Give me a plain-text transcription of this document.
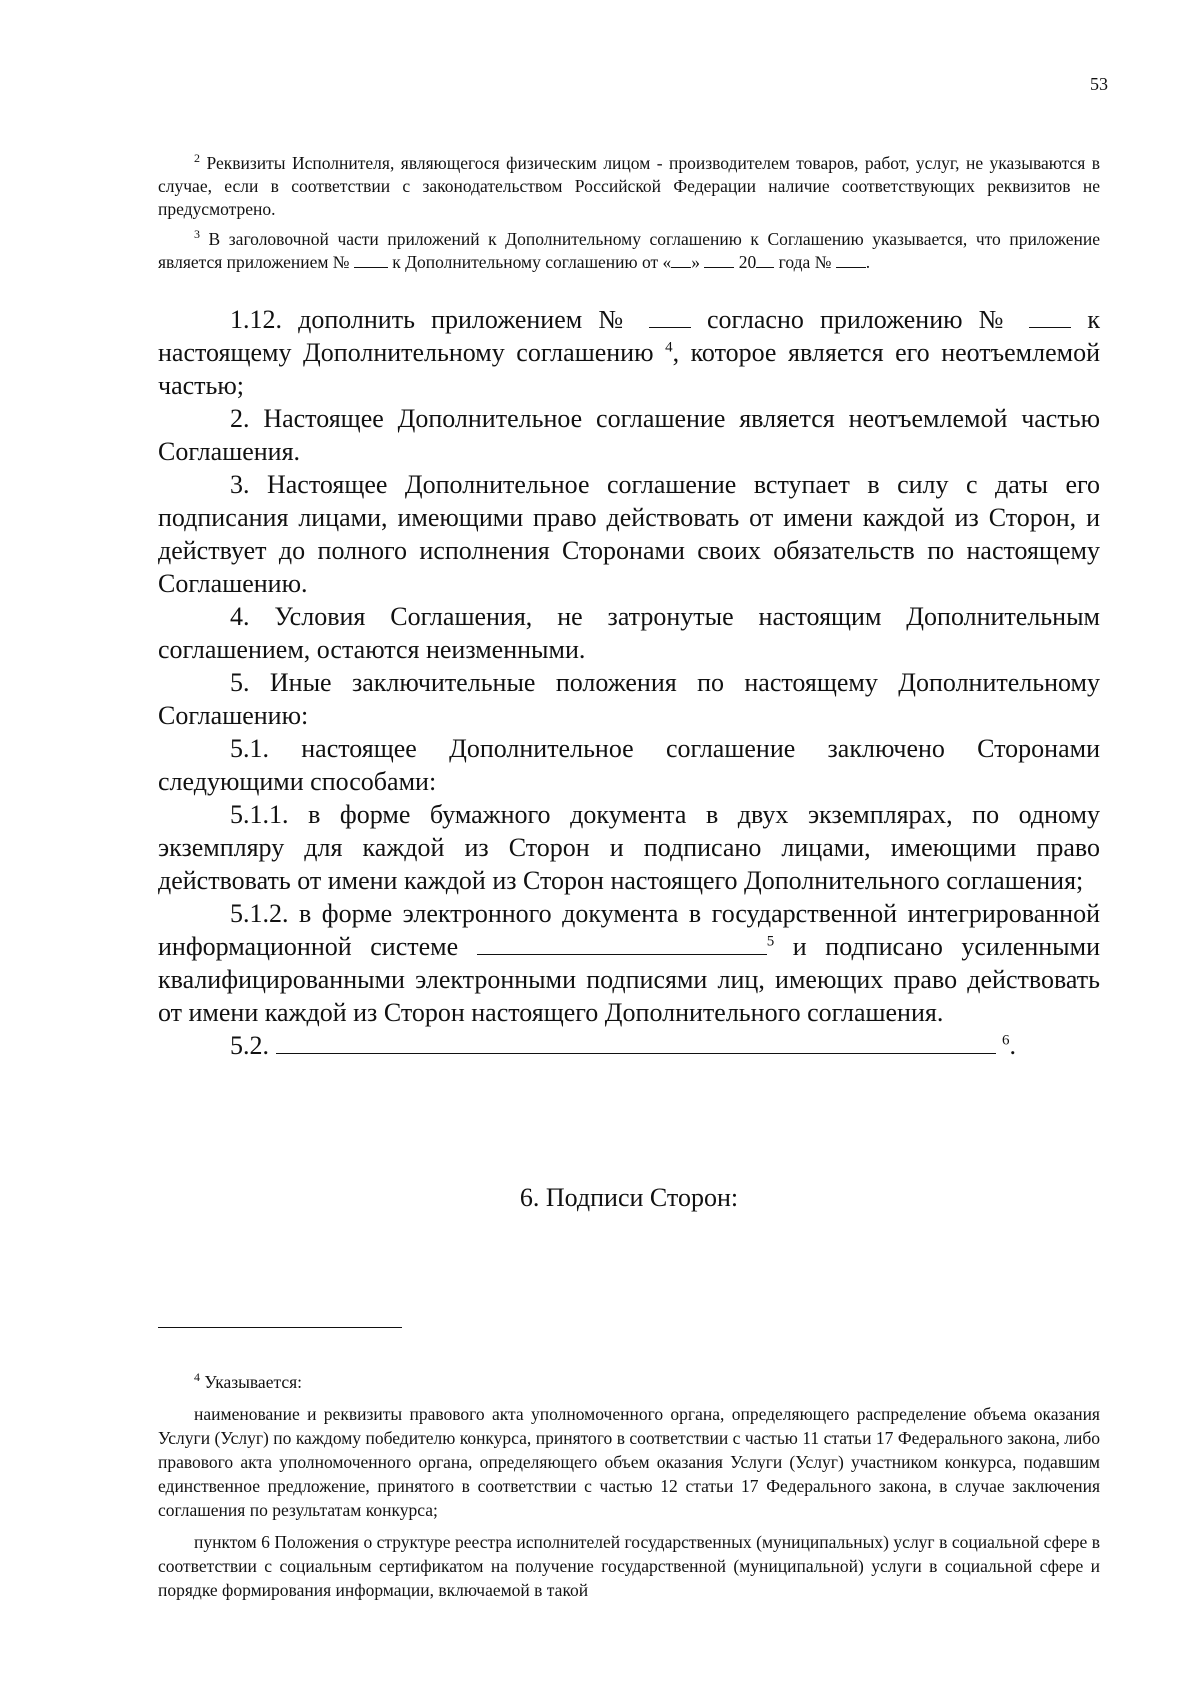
53

$^2$ Реквизиты Исполнителя, являющегося физическим лицом - производителем товаров, работ, услуг, не указываются в случае, если в соответствии с законодательством Российской Федерации наличие соответствующих реквизитов не предусмотрено.

$^3$ В заголовочной части приложений к Дополнительному соглашению к Соглашению указывается, что приложение является приложением № к Дополнительному соглашению от « » 20 года № .

1.12. дополнить приложением №	согласно приложению №	к настоящему Дополнительному соглашению $^4$, которое является его неотъемлемой частью;

2. Настоящее Дополнительное соглашение является неотъемлемой частью Соглашения.

3. Настоящее Дополнительное соглашение вступает в силу с даты его подписания лицами, имеющими право действовать от имени каждой из Сторон, и действует до полного исполнения Сторонами своих обязательств по настоящему Соглашению.

4. Условия Соглашения, не затронутые настоящим Дополнительным соглашением, остаются неизменными.

5. Иные заключительные положения по настоящему Дополнительному Соглашению:

5.1. настоящее Дополнительное соглашение заключено Сторонами следующими способами:

5.1.1. в форме бумажного документа в двух экземплярах, по одному экземпляру для каждой из Сторон и подписано лицами, имеющими право действовать от имени каждой из Сторон настоящего Дополнительного соглашения;

5.1.2. в форме электронного документа в государственной интегрированной информационной системе	$^5$ и подписано усиленными квалифицированными электронными подписями лиц, имеющих право действовать от имени каждой из Сторон настоящего Дополнительного соглашения.

5.2.	$^6$.

6. Подписи Сторон:

$^4$ Указывается:

наименование и реквизиты правового акта уполномоченного органа, определяющего распределение объема оказания Услуги (Услуг) по каждому победителю конкурса, принятого в соответствии с частью 11 статьи 17 Федерального закона, либо правового акта уполномоченного органа, определяющего объем оказания Услуги (Услуг) участником конкурса, подавшим единственное предложение, принятого в соответствии с частью 12 статьи 17 Федерального закона, в случае заключения соглашения по результатам конкурса;

пунктом 6 Положения о структуре реестра исполнителей государственных (муниципальных) услуг в социальной сфере в соответствии с социальным сертификатом на получение государственной (муниципальной) услуги в социальной сфере и порядке формирования информации, включаемой в такой
